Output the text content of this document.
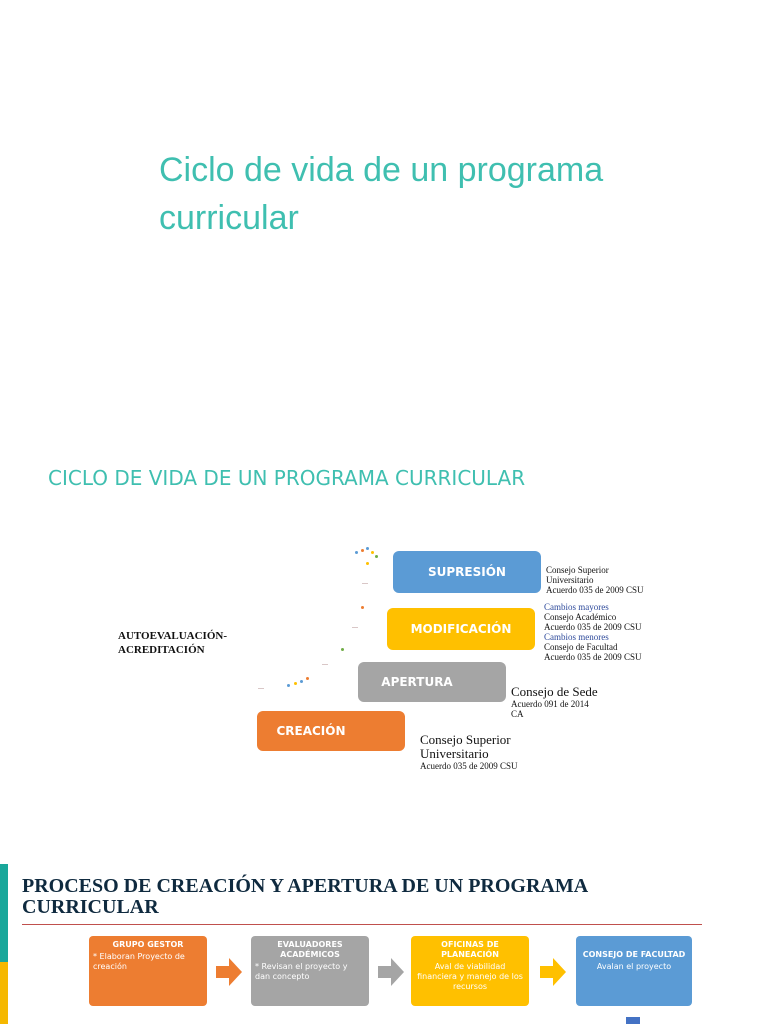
Ciclo de vida de un programa curricular
CICLO DE VIDA DE UN PROGRAMA CURRICULAR
AUTOEVALUACIÓN-ACREDITACIÓN
SUPRESIÓN
MODIFICACIÓN
APERTURA
CREACIÓN
Consejo Superior
Universitario
Acuerdo 035 de 2009 CSU
Cambios mayores
Consejo Académico
Acuerdo 035 de 2009 CSU
Cambios menores
Consejo de Facultad
Acuerdo 035 de 2009 CSU
Consejo de Sede
Acuerdo 091 de 2014
CA
Consejo Superior
Universitario
Acuerdo 035 de 2009 CSU
PROCESO DE CREACIÓN Y APERTURA DE UN PROGRAMA CURRICULAR
GRUPO GESTOR
* Elaboran Proyecto de creación
EVALUADORES ACADÉMICOS
* Revisan el proyecto y dan concepto
OFICINAS DE PLANEACIÓN
Aval de viabilidad financiera y manejo de los recursos
CONSEJO DE FACULTAD
Avalan el proyecto
